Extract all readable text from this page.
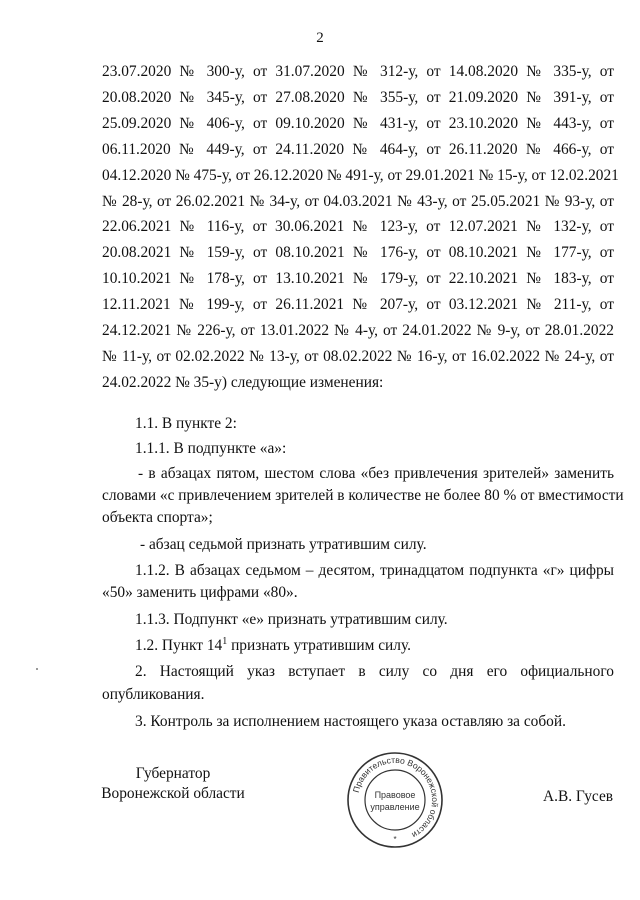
2
23.07.2020 № 300-у, от 31.07.2020 № 312-у, от 14.08.2020 № 335-у, от
20.08.2020 № 345-у, от 27.08.2020 № 355-у, от 21.09.2020 № 391-у, от
25.09.2020 № 406-у, от 09.10.2020 № 431-у, от 23.10.2020 № 443-у, от
06.11.2020 № 449-у, от 24.11.2020 № 464-у, от 26.11.2020 № 466-у, от
04.12.2020 № 475-у, от 26.12.2020 № 491-у, от 29.01.2021 № 15-у, от 12.02.2021
№ 28-у, от 26.02.2021 № 34-у, от 04.03.2021 № 43-у, от 25.05.2021 № 93-у, от
22.06.2021 № 116-у, от 30.06.2021 № 123-у, от 12.07.2021 № 132-у, от
20.08.2021 № 159-у, от 08.10.2021 № 176-у, от 08.10.2021 № 177-у, от
10.10.2021 № 178-у, от 13.10.2021 № 179-у, от 22.10.2021 № 183-у, от
12.11.2021 № 199-у, от 26.11.2021 № 207-у, от 03.12.2021 № 211-у, от
24.12.2021 № 226-у, от 13.01.2022 № 4-у, от 24.01.2022 № 9-у, от 28.01.2022
№ 11-у, от 02.02.2022 № 13-у, от 08.02.2022 № 16-у, от 16.02.2022 № 24-у, от
24.02.2022 № 35-у) следующие изменения:
1.1. В пункте 2:
1.1.1. В подпункте «а»:
- в абзацах пятом, шестом слова «без привлечения зрителей» заменить
словами «с привлечением зрителей в количестве не более 80 % от вместимости
объекта спорта»;
- абзац седьмой признать утратившим силу.
1.1.2. В абзацах седьмом – десятом, тринадцатом подпункта «г» цифры
«50» заменить цифрами «80».
1.1.3. Подпункт «е» признать утратившим силу.
1.2. Пункт $14^1$ признать утратившим силу.
2. Настоящий указ вступает в силу со дня его официального
опубликования.
3. Контроль за исполнением настоящего указа оставляю за собой.
Губернатор
Воронежской области	Правительство Воронежской области
Правовое
управление
*
А.В. Гусев
